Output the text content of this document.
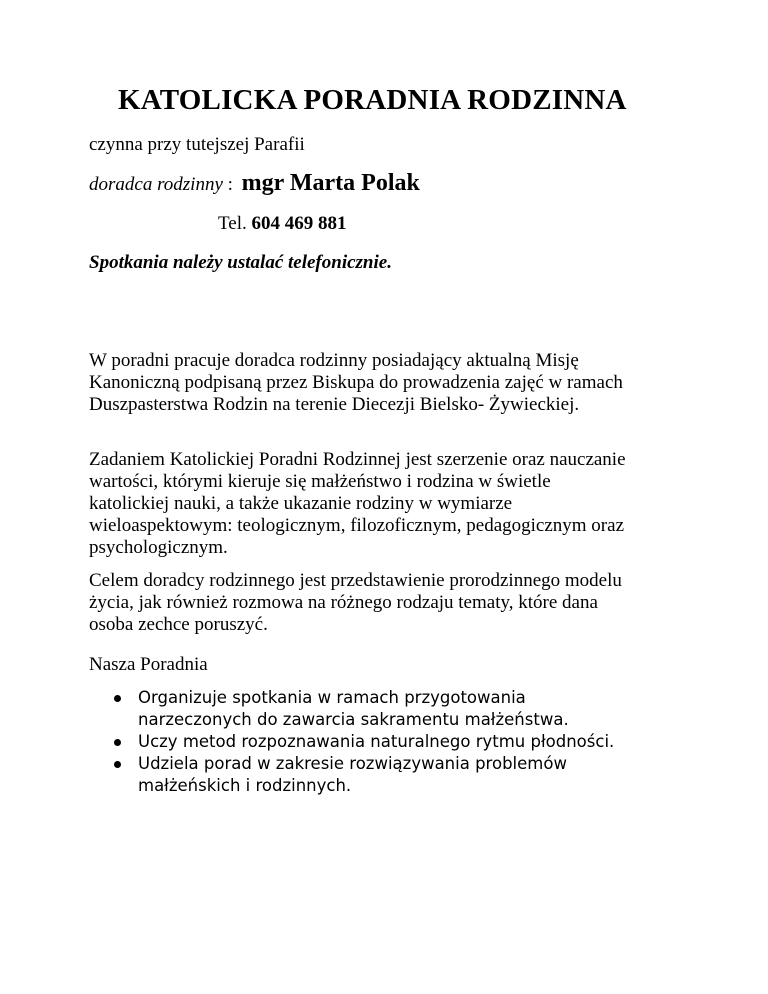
KATOLICKA PORADNIA RODZINNA
czynna przy tutejszej Parafii
doradca rodzinny : mgr Marta Polak
Tel. 604 469 881
Spotkania należy ustalać telefonicznie.
W poradni pracuje doradca rodzinny posiadający aktualną Misję
Kanoniczną podpisaną przez Biskupa do prowadzenia zajęć w ramach
Duszpasterstwa Rodzin na terenie Diecezji Bielsko- Żywieckiej.
Zadaniem Katolickiej Poradni Rodzinnej jest szerzenie oraz nauczanie
wartości, którymi kieruje się małżeństwo i rodzina w świetle
katolickiej nauki, a także ukazanie rodziny w wymiarze
wieloaspektowym: teologicznym, filozoficznym, pedagogicznym oraz
psychologicznym.
Celem doradcy rodzinnego jest przedstawienie prorodzinnego modelu
życia, jak również rozmowa na różnego rodzaju tematy, które dana
osoba zechce poruszyć.
Nasza Poradnia
Organizuje spotkania w ramach przygotowania
narzeczonych do zawarcia sakramentu małżeństwa.
Uczy metod rozpoznawania naturalnego rytmu płodności.
Udziela porad w zakresie rozwiązywania problemów
małżeńskich i rodzinnych.
